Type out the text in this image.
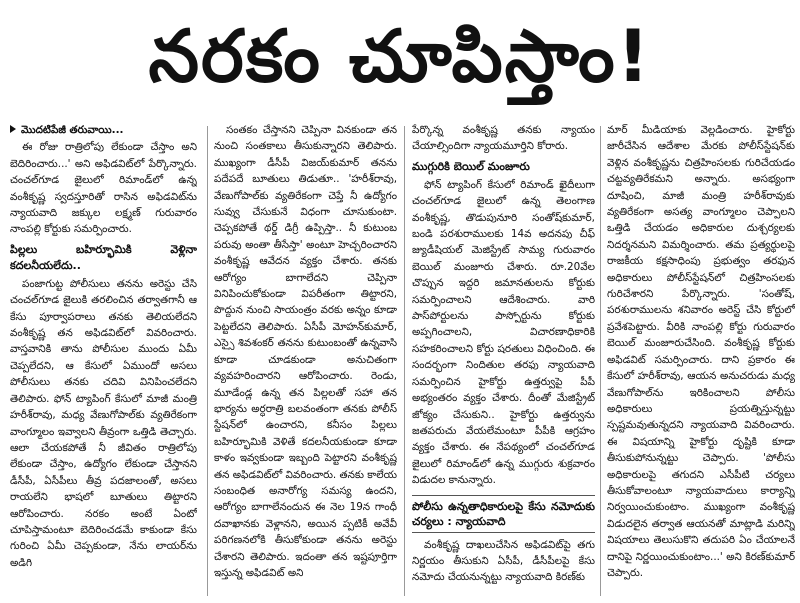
నరకం చూపిస్తాం!
మొదటిపేజీ తరువాయి...

ఈ రోజు రాత్రిలోపు లేకుండా చేస్తాం అని బెదిరించారు...' అని అఫిడవిట్‌లో పేర్కొన్నారు. చంచల్‌గూడ జైలులో రిమాండ్‌లో ఉన్న వంశీకృష్ణ స్వదస్తూరితో రాసిన అఫిడవిట్‌ను న్యాయవాది జక్కుల లక్ష్మణ్ గురువారం నాంపల్లి కోర్టుకు సమర్పించారు.

పిల్లలు బహిర్భూమికి వెళ్లినా కదలనీయలేదు..

పంజాగుట్ట పోలీసులు తనను అరెస్టు చేసి చంచల్‌గూడ జైలుకి తరలించిన తర్వాతగానీ ఆ కేసు పూర్వాపరాలు తనకు తెలియలేదని వంశీకృష్ణ తన అఫిడవిట్‌లో వివరించారు. వాస్తవానికి తాను పోలీసుల ముందు ఏమీ చెప్పలేదని, ఆ కేసులో ఏముందో అసలు పోలీసులు తనకు చదివి వినిపించలేదని తెలిపారు. ఫోన్ ట్యాపింగ్ కేసులో మాజీ మంత్రి హరీశ్‌రావు, మధ్య వేణుగోపాల్‌కు వ్యతిరేకంగా వాంగ్మూలం ఇవ్వాలని తీవ్రంగా ఒత్తిడి తెచ్చారు. ఆలా చేయకపోతే నీ జీవితం రాత్రిలోపు లేకుండా చేస్తాం, ఉద్యోగం లేకుండా చేస్తానని డీసీపీ, ఏసీపీలు తీవ్ర పదజాలంతో, అసలు రాయలేని భాషలో బూతులు తిట్టారని ఆరోపించారు. నరకం అంటే ఏంటో చూపిస్తామంటూ బెదిరించడమే కాకుండా కేసు గురించి ఏమీ చెప్పకుండా, నేను లాయర్‌ను అడిగి

సంతకం చేస్తానని చెప్పినా వినకుండా తన నుంచి సంతకాలు తీసుకున్నారని తెలిపారు. ముఖ్యంగా డీసీపీ విజయ్‌కుమార్ తనను పదేపదే బూతులు తిడుతూ.. 'హరీశ్‌రావు, వేణుగోపాల్‌కు వ్యతిరేకంగా చెప్తే నీ ఉద్యోగం సువ్వు చేసుకునే విధంగా చూసుకుంటా. చెప్పకపోతే థర్డ్ డిగ్రీ ఉప్పిస్తా.. నీ కుటుంబ పరువు అంతా తీసేస్తా' అంటూ హెచ్చరించారని వంశీకృష్ణ ఆవేదన వ్యక్తం చేశారు. తనకు ఆరోగ్యం బాగాలేదని చెప్పినా వినిపించుకోకుండా విపరీతంగా తిట్టారని, పొద్దున నుంచి సాయంత్రం వరకు అన్నం కూడా పెట్టలేదని తెలిపారు. ఏసీపీ మోహన్‌కుమార్, ఎస్సై శివశంకర్ తనను కుటుంబంతో ఉన్నవాసి కూడా చూడకుండా అనుచితంగా వ్యవహరించారని ఆరోపించారు. రెండు, మూడేండ్ల ఉన్న తన పిల్లలతో సహా తన భార్యను అర్ధరాత్రి బలవంతంగా తనకు పోలీస్ స్టేషన్‌లో ఉంచారని, కనీసం పిల్లలు బహిర్భూమికి వెళితే కదలనీయకుండా కూడా కాళం ఇవ్వకుండా ఇబ్బంది పెట్టారని వంశీకృష్ణ తన అఫిడవిట్‌లో వివరించారు. తనకు కాలేయ సంబంధిత అనారోగ్య సమస్య ఉందని, ఆరోగ్యం బాగాలేనందున ఈ నెల 19న గాంధీ దవాఖానకు వెళ్లానని, అయిన ప్పటికీ అవేవీ పరిగణనలోకి తీసుకోకుండా తనను అరెస్టు చేశారని తెలిపారు. ఇదంతా తన ఇష్టపూర్తిగా ఇస్తున్న అఫిడవిట్ అని

పేర్కొన్న వంశీకృష్ణ తనకు న్యాయం చేయాల్సిందిగా న్యాయమూర్తిని కోరారు.

ముగ్గురికి బెయిల్ మంజూరు

ఫోన్ ట్యాపింగ్ కేసులో రిమాండ్ ఖైదీలుగా చంచల్‌గూడ జైలులో ఉన్న తెలంగాణ వంశీకృష్ణ, తొడుపునూరి సంతోష్‌కుమార్, బండి పరశురాములకు 14వ అదనపు చీఫ్ జ్యుడీషియల్ మెజిస్ట్రేట్ సామ్య గురువారం బెయిల్ మంజూరు చేశారు. రూ.20వేల చొప్పున ఇద్దరి జమానతులను కోర్టుకు సమర్పించాలని ఆదేశించారు. వారి పాస్‌పోర్టులను పాస్పోర్టును కోర్టుకు అప్పగించాలని, విచారణాధికారికి సహకరించాలని కోర్టు షరతులు విధించింది. ఈ సందర్భంగా నిందితుల తరఫు న్యాయవాది సమర్పించిన హైకోర్టు ఉత్తర్వుపై పీపీ అభ్యంతరం వ్యక్తం చేశారు. దీంతో మేజిస్ట్రేట్ జోక్యం చేసుకుని.. హైకోర్టు ఉత్తర్వును జతపరుచు వేయలేమంటూ పీపీకి ఆగ్రహం వ్యక్తం చేశారు. ఈ నేపథ్యంలో చంచల్‌గూడ జైలులో రిమాండ్‌లో ఉన్న ముగ్గురు శుక్రవారం విడుదల కానున్నారు.

పోలీసు ఉన్నతాధికారులపై కేసు నమోదుకు చర్యలు : న్యాయవాది

వంశీకృష్ణ దాఖలుచేసిన అఫిడవిట్‌పై తగు నిర్ణయం తీసుకుని ఏసీపీ, డీసీపీలపై కేసు నమోదు చేయనున్నట్టు న్యాయవాది కిరణ్‌కు

మార్ మీడియాకు వెల్లడించారు. హైకోర్టు జారీచేసిన ఆదేశాల మేరకు పోలీస్‌స్టేషన్‌కు వెళ్లిన వంశీకృష్ణను చిత్రహింసలకు గురిచేయడం చట్టవ్యతిరేకమని అన్నారు. అసభ్యంగా దూషించి, మాజీ మంత్రి హరీశ్‌రావుకు వ్యతిరేకంగా అసత్య వాంగ్మూలం చెప్పాలని ఒత్తిడి చేయడం అధికారుల దుశ్చర్యలకు నిదర్శనమని విమర్శించారు. తమ ప్రత్యర్థులపై రాజకీయ కక్షసాధింపు ప్రభుత్వం తరఫున అధికారులు పోలీస్‌స్టేషన్‌లో చిత్రహింసలకు గురిచేశారని పేర్కొన్నారు. 'సంతోష్, పరశురాములను శనివారం అరెస్ట్ చేసి కోర్టులో ప్రవేశపెట్టారు. వీరికి నాంపల్లి కోర్టు గురువారం బెయిల్ మంజూరుచేసింది. వంశీకృష్ణ కోర్టుకు అఫిడవిట్ సమర్పించారు. దాని ప్రకారం ఈ కేసులో హరీశ్‌రావు, ఆయన అనుచరుడు మధ్య వేణుగోపాల్‌ను ఇరికించాలని పోలీసు అధికారులు ప్రయత్నిస్తున్నట్టు స్పష్టమవుతున్నదని న్యాయవాది వివరించారు. ఈ విషయాన్ని హైకోర్టు దృష్టికి కూడా తీసుకుపోనున్నట్టు చెప్పారు. 'పోలీసు అధికారులపై తగుదని ఎసీపీటి చర్యలు తీసుకోవాలంటూ న్యాయవాదులు కార్యాన్ని నిర్వయించుకుంటాం. ముఖ్యంగా వంశీకృష్ణ విడుదలైన తర్వాత ఆయనతో మాట్లాడి మరిన్ని విషయాలు తెలుసుకొని తదుపరి ఏం చేయాలనే దానిపై నిర్ణయించుకుంటాం...' అని కిరణ్‌కుమార్ చెప్పారు.
